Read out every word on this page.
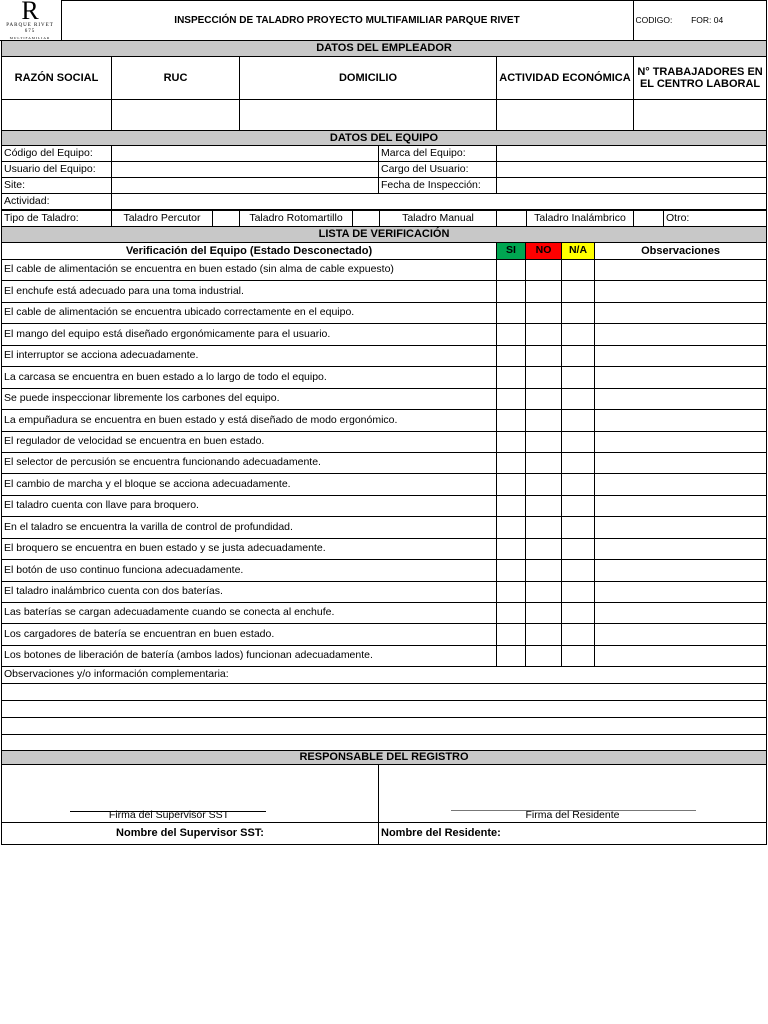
R
PARQUE RIVET
675
MULTIFAMILIAR
	INSPECCIÓN DE TALADRO PROYECTO MULTIFAMILIAR PARQUE RIVET	CODIGO: FOR: 04
DATOS DEL EMPLEADOR				
RAZÓN SOCIAL	RUC	DOMICILIO	ACTIVIDAD ECONÓMICA	N° TRABAJADORES EN EL CENTRO LABORAL

DATOS DEL EQUIPO			
Código del Equipo:		Marca del Equipo:	
Usuario del Equipo:		Cargo del Usuario:	
Site:		Fecha de Inspección:	
Actividad:			
Tipo de Taladro:	Taladro Percutor		Taladro Rotomartillo		Taladro Manual		Taladro Inalámbrico		Otro:
LISTA DE VERIFICACIÓN				
Verificación del Equipo (Estado Desconectado)	SI	NO	N/A	Observaciones
El cable de alimentación se encuentra en buen estado (sin alma de cable expuesto)				
El enchufe está adecuado para una toma industrial.				
El cable de alimentación se encuentra ubicado correctamente en el equipo.				
El mango del equipo está diseñado ergonómicamente para el usuario.				
El interruptor se acciona adecuadamente.				
La carcasa se encuentra en buen estado a lo largo de todo el equipo.				
Se puede inspeccionar libremente los carbones del equipo.				
La empuñadura se encuentra en buen estado y está diseñado de modo ergonómico.				
El regulador de velocidad se encuentra en buen estado.				
El selector de percusión se encuentra funcionando adecuadamente.				
El cambio de marcha y el bloque se acciona adecuadamente.				
El taladro cuenta con llave para broquero.				
En el taladro se encuentra la varilla de control de profundidad.				
El broquero se encuentra en buen estado y se justa adecuadamente.				
El botón de uso continuo funciona adecuadamente.				
El taladro inalámbrico cuenta con dos baterías.				
Las baterías se cargan adecuadamente cuando se conecta al enchufe.				
Los cargadores de batería se encuentran en buen estado.				
Los botones de liberación de batería (ambos lados) funcionan adecuadamente.				
Observaciones y/o información complementaria:

RESPONSABLE DEL REGISTRO	

Firma del Supervisor SST	Firma del Residente

Nombre del Supervisor SST:	Nombre del Residente:
